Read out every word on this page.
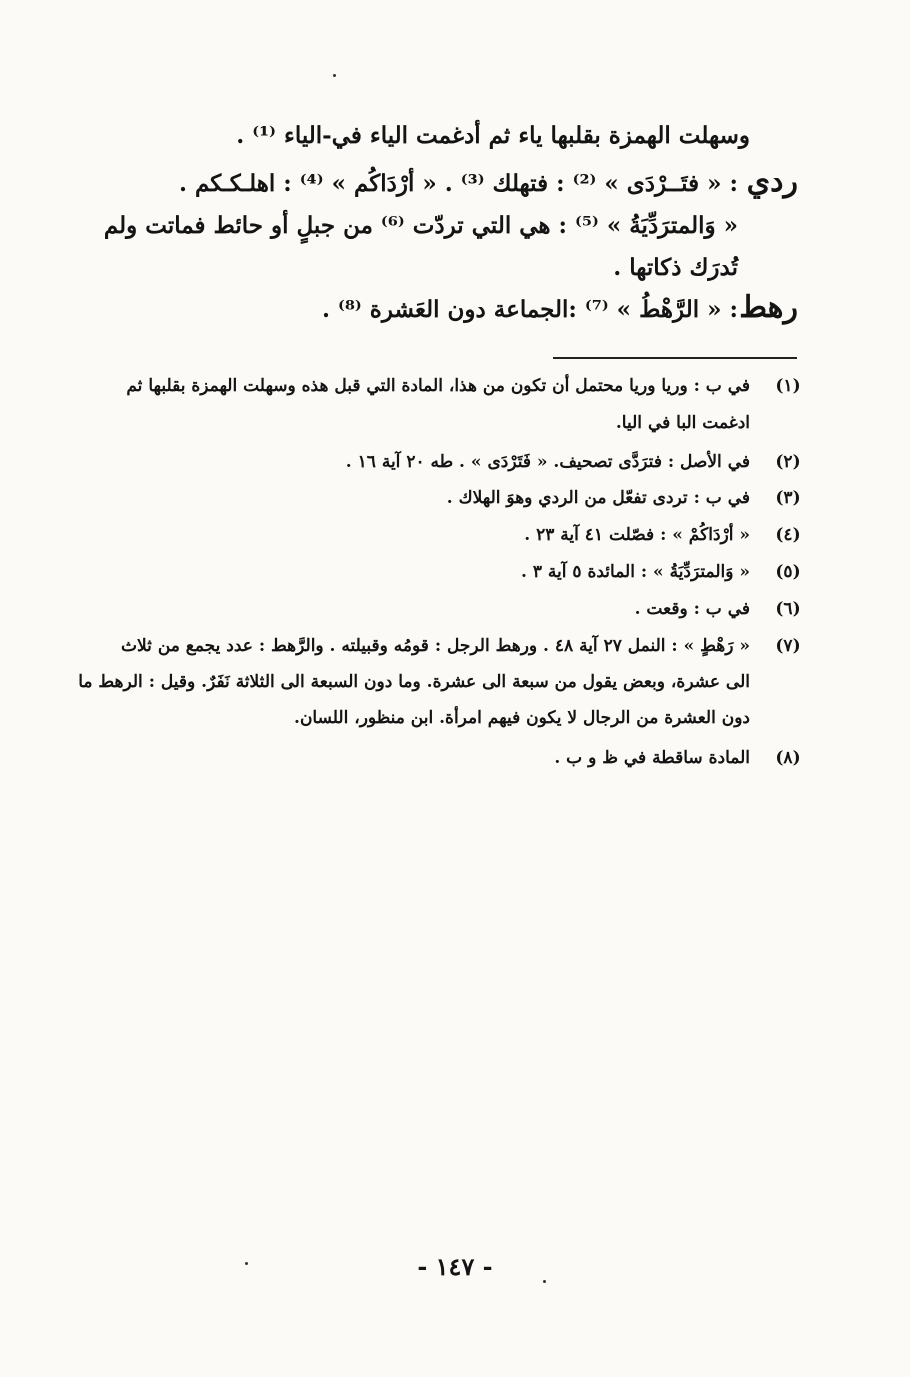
وسهلت الهمزة بقلبها ياء ثم أدغمت الياء في-الياء ⁽¹⁾ .
ردي
: « فتَــرْدَى » ⁽²⁾ : فتهلك ⁽³⁾ . « أرْدَاكُم » ⁽⁴⁾ : اهلـكـكم .
« وَالمترَدِّيَةُ » ⁽⁵⁾ : هي التي تردّت ⁽⁶⁾ من جبلٍ أو حائط فماتت ولم
تُدرَك ذكاتها .
رهط
: « الرَّهْطُ » ⁽⁷⁾ :الجماعة دون العَشرة ⁽⁸⁾ .
(١)
في ب : وريا وريا محتمل أن تكون من هذا، المادة التي قبل هذه وسهلت الهمزة بقلبها ثم
ادغمت البا في اليا.
(٢)
في الأصل : فترَدَّى تصحيف. « فَتَرْدَى » . طه ٢٠ آية ١٦ .
(٣)
في ب : تردى تفعّل من الردي وهوَ الهلاك .
(٤)
« أرْدَاكُمْ » : فصّلت ٤١ آية ٢٣ .
(٥)
« وَالمترَدِّيَةُ » : المائدة ٥ آية ٣ .
(٦)
في ب : وقعت .
(٧)
« رَهْطٍ » : النمل ٢٧ آية ٤٨ . ورهط الرجل : قومُه وقبيلته . والرَّهط : عدد يجمع من ثلاث
الى عشرة، وبعض يقول من سبعة الى عشرة. وما دون السبعة الى الثلاثة نَفَرٌ. وقيل : الرهط ما
دون العشرة من الرجال لا يكون فيهم امرأة. ابن منظور، اللسان.
(٨)
المادة ساقطة في ظ و ب .
- ١٤٧ -
